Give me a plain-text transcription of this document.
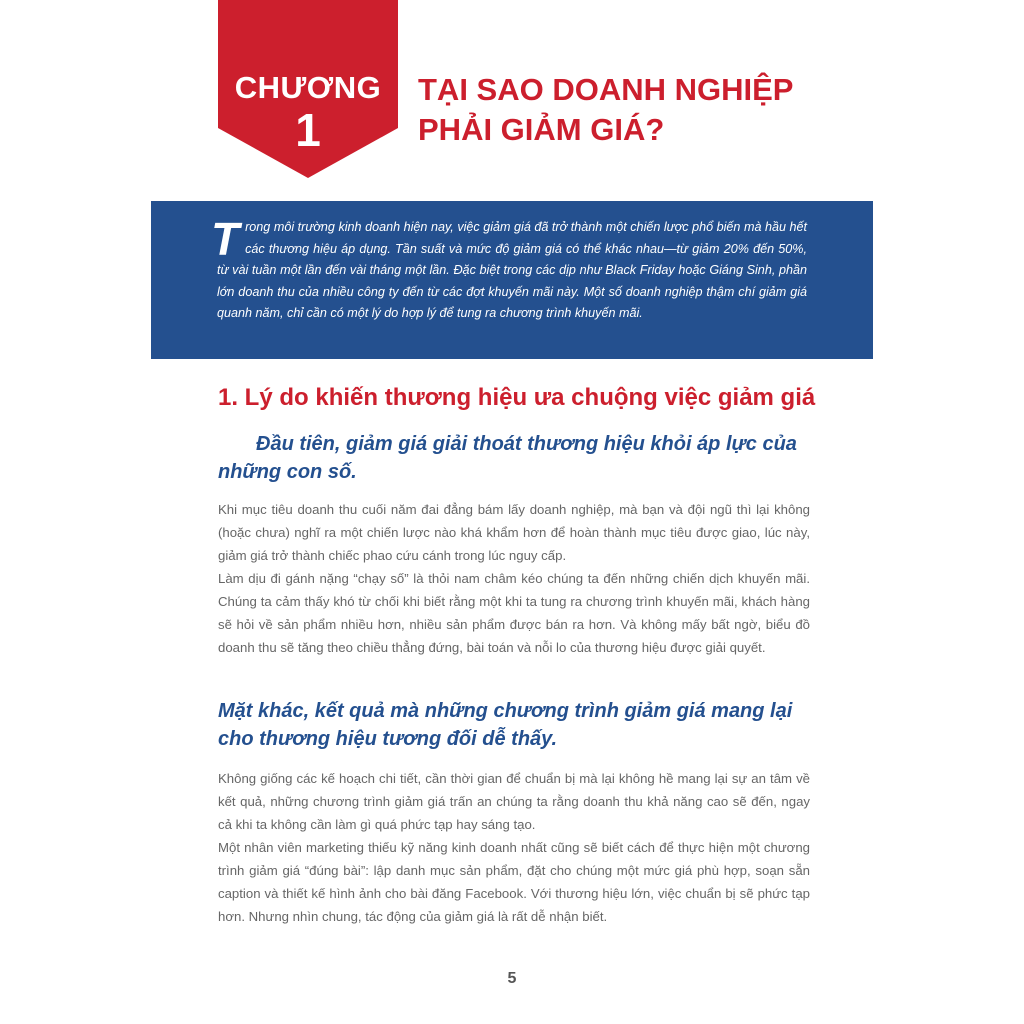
CHƯƠNG
1
TẠI SAO DOANH NGHIỆP
PHẢI GIẢM GIÁ?
Trong môi trường kinh doanh hiện nay, việc giảm giá đã trở thành một chiến lược phổ biến mà hầu hết các thương hiệu áp dụng. Tần suất và mức độ giảm giá có thể khác nhau—từ giảm 20% đến 50%, từ vài tuần một lần đến vài tháng một lần. Đặc biệt trong các dịp như Black Friday hoặc Giáng Sinh, phần lớn doanh thu của nhiều công ty đến từ các đợt khuyến mãi này. Một số doanh nghiệp thậm chí giảm giá quanh năm, chỉ cần có một lý do hợp lý để tung ra chương trình khuyến mãi.
1. Lý do khiến thương hiệu ưa chuộng việc giảm giá
Đầu tiên, giảm giá giải thoát thương hiệu khỏi áp lực của những con số.

Khi mục tiêu doanh thu cuối năm đai đẳng bám lấy doanh nghiệp, mà bạn và đội ngũ thì lại không (hoặc chưa) nghĩ ra một chiến lược nào khá khẩm hơn để hoàn thành mục tiêu được giao, lúc này, giảm giá trở thành chiếc phao cứu cánh trong lúc nguy cấp.

Làm dịu đi gánh nặng “chạy số” là thỏi nam châm kéo chúng ta đến những chiến dịch khuyến mãi. Chúng ta cảm thấy khó từ chối khi biết rằng một khi ta tung ra chương trình khuyến mãi, khách hàng sẽ hỏi về sản phẩm nhiều hơn, nhiều sản phẩm được bán ra hơn. Và không mấy bất ngờ, biểu đồ doanh thu sẽ tăng theo chiều thẳng đứng, bài toán và nỗi lo của thương hiệu được giải quyết.

Mặt khác, kết quả mà những chương trình giảm giá mang lại cho thương hiệu tương đối dễ thấy.

Không giống các kế hoạch chi tiết, cần thời gian để chuẩn bị mà lại không hề mang lại sự an tâm về kết quả, những chương trình giảm giá trấn an chúng ta rằng doanh thu khả năng cao sẽ đến, ngay cả khi ta không cần làm gì quá phức tạp hay sáng tạo.

Một nhân viên marketing thiếu kỹ năng kinh doanh nhất cũng sẽ biết cách để thực hiện một chương trình giảm giá “đúng bài”: lập danh mục sản phẩm, đặt cho chúng một mức giá phù hợp, soạn sẵn caption và thiết kế hình ảnh cho bài đăng Facebook. Với thương hiệu lớn, việc chuẩn bị sẽ phức tạp hơn. Nhưng nhìn chung, tác động của giảm giá là rất dễ nhận biết.

5
